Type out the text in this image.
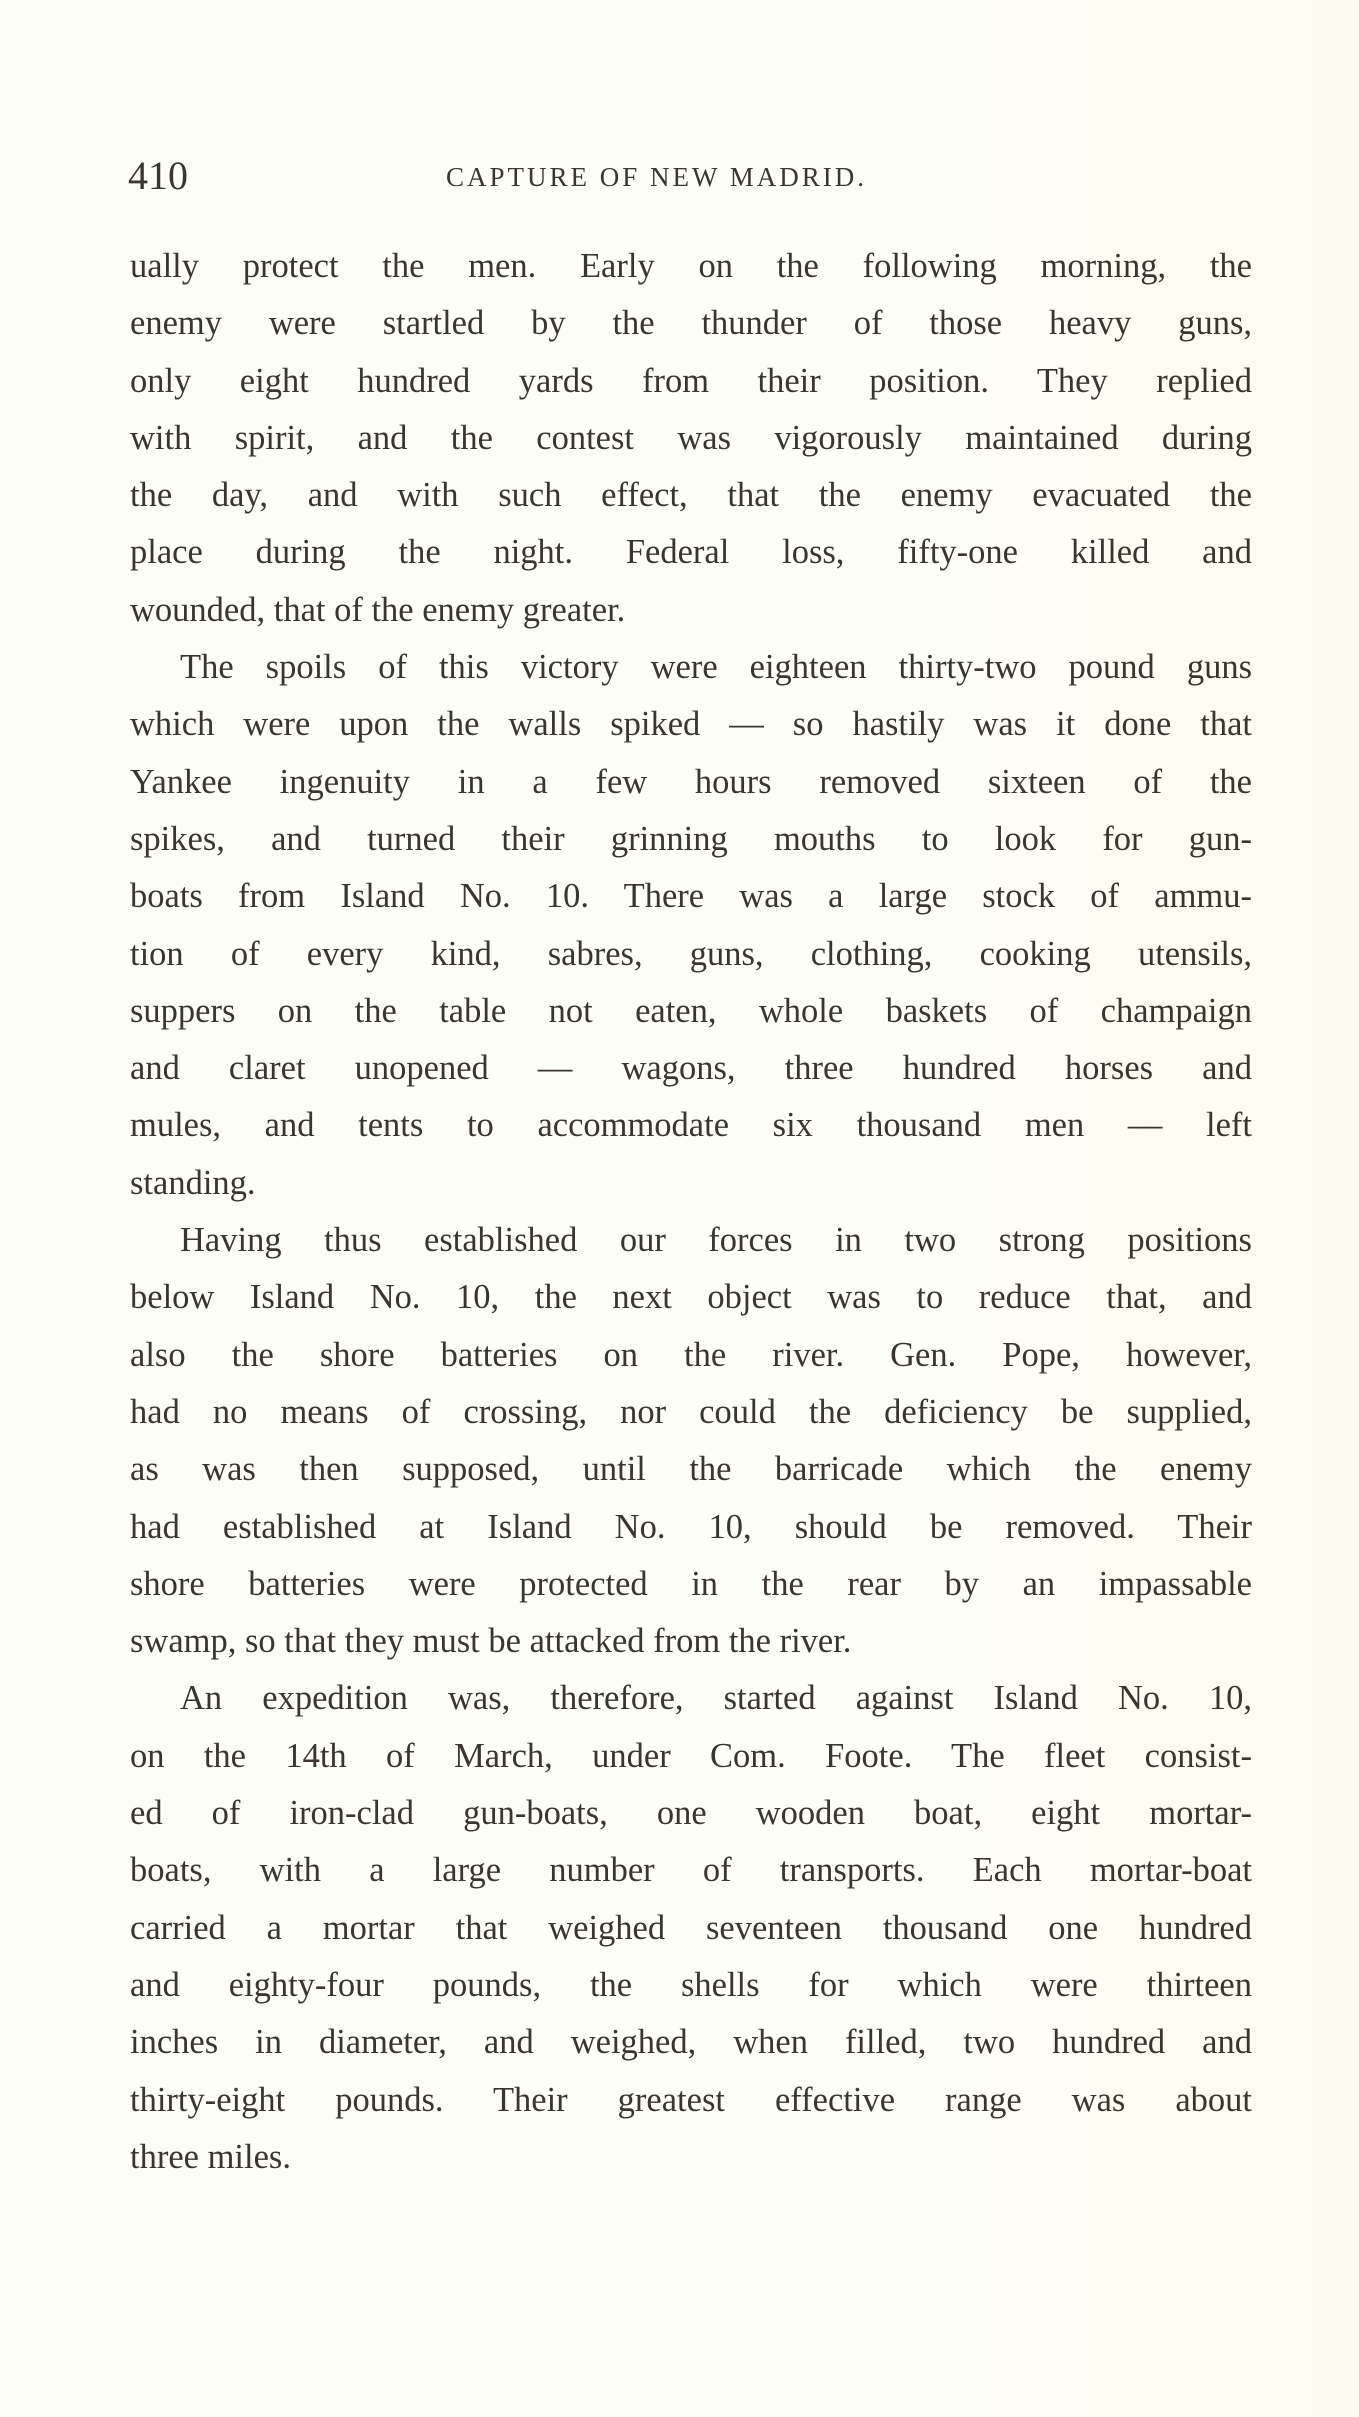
410	CAPTURE OF NEW MADRID.

ually protect the men. Early on the following morning, the
enemy were startled by the thunder of those heavy guns,
only eight hundred yards from their position. They replied
with spirit, and the contest was vigorously maintained during
the day, and with such effect, that the enemy evacuated the
place during the night. Federal loss, fifty-one killed and
wounded, that of the enemy greater.

The spoils of this victory were eighteen thirty-two pound guns
which were upon the walls spiked — so hastily was it done that
Yankee ingenuity in a few hours removed sixteen of the
spikes, and turned their grinning mouths to look for gun-
boats from Island No. 10. There was a large stock of ammu-
tion of every kind, sabres, guns, clothing, cooking utensils,
suppers on the table not eaten, whole baskets of champaign
and claret unopened — wagons, three hundred horses and
mules, and tents to accommodate six thousand men — left
standing.

Having thus established our forces in two strong positions
below Island No. 10, the next object was to reduce that, and
also the shore batteries on the river. Gen. Pope, however,
had no means of crossing, nor could the deficiency be supplied,
as was then supposed, until the barricade which the enemy
had established at Island No. 10, should be removed. Their
shore batteries were protected in the rear by an impassable
swamp, so that they must be attacked from the river.

An expedition was, therefore, started against Island No. 10,
on the 14th of March, under Com. Foote. The fleet consist-
ed of iron-clad gun-boats, one wooden boat, eight mortar-
boats, with a large number of transports. Each mortar-boat
carried a mortar that weighed seventeen thousand one hundred
and eighty-four pounds, the shells for which were thirteen
inches in diameter, and weighed, when filled, two hundred and
thirty-eight pounds. Their greatest effective range was about
three miles.
